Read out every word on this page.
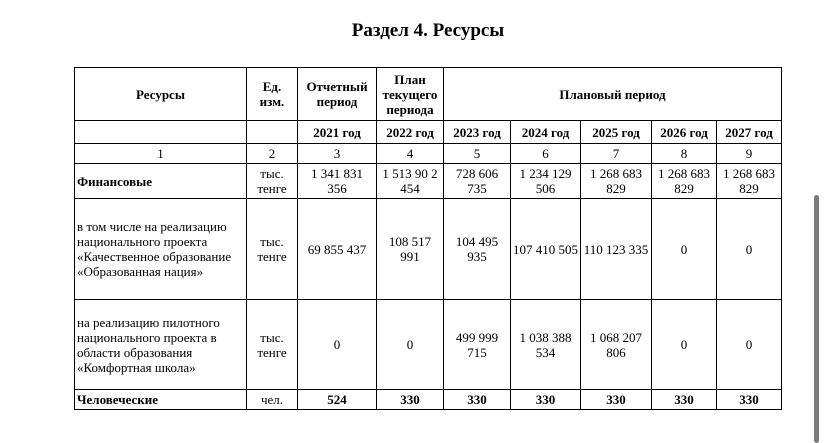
Раздел 4. Ресурсы
Ресурсы	Ед. изм.	Отчетный период	План текущего периода	Плановый период				
		2021 год	2022 год	2023 год	2024 год	2025 год	2026 год	2027 год
1	2	3	4	5	6	7	8	9
Финансовые	тыс. тенге	1 341 831 356	1 513 90 2 454	728 606 735	1 234 129 506	1 268 683 829	1 268 683 829	1 268 683 829
в том числе на реализацию национального проекта «Качественное образование «Образованная нация»	тыс. тенге	69 855 437	108 517 991	104 495 935	107 410 505	110 123 335	0	0
на реализацию пилотного национального проекта в области образования «Комфортная школа»	тыс. тенге	0	0	499 999 715	1 038 388 534	1 068 207 806	0	0
Человеческие	чел.	524	330	330	330	330	330	330
